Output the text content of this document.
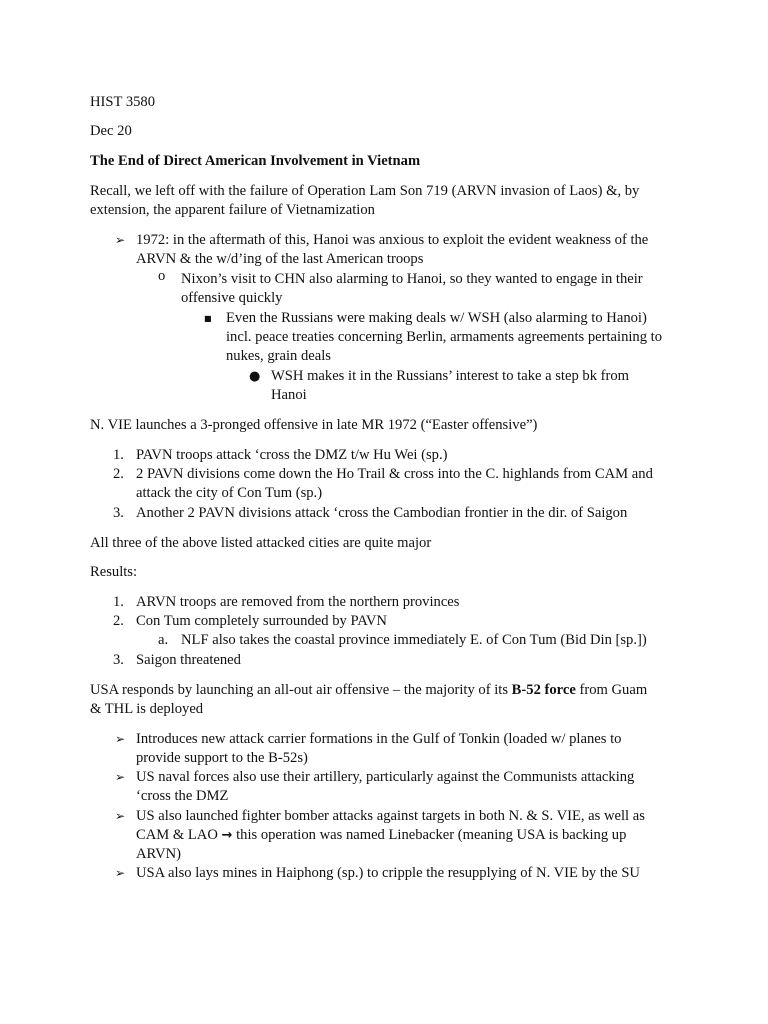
HIST 3580
Dec 20
The End of Direct American Involvement in Vietnam
Recall, we left off with the failure of Operation Lam Son 719 (ARVN invasion of Laos) &, by
extension, the apparent failure of Vietnamization
➢ 1972: in the aftermath of this, Hanoi was anxious to exploit the evident weakness of the
ARVN & the w/d’ing of the last American troops
o Nixon’s visit to CHN also alarming to Hanoi, so they wanted to engage in their
offensive quickly
■ Even the Russians were making deals w/ WSH (also alarming to Hanoi)
incl. peace treaties concerning Berlin, armaments agreements pertaining to
nukes, grain deals
● WSH makes it in the Russians’ interest to take a step bk from
Hanoi
N. VIE launches a 3-pronged offensive in late MR 1972 (“Easter offensive”)
1. PAVN troops attack ‘cross the DMZ t/w Hu Wei (sp.)
2. 2 PAVN divisions come down the Ho Trail & cross into the C. highlands from CAM and
attack the city of Con Tum (sp.)
3. Another 2 PAVN divisions attack ‘cross the Cambodian frontier in the dir. of Saigon
All three of the above listed attacked cities are quite major
Results:
1. ARVN troops are removed from the northern provinces
2. Con Tum completely surrounded by PAVN
a. NLF also takes the coastal province immediately E. of Con Tum (Bid Din [sp.])
3. Saigon threatened
USA responds by launching an all-out air offensive – the majority of its B-52 force from Guam
& THL is deployed
➢ Introduces new attack carrier formations in the Gulf of Tonkin (loaded w/ planes to
provide support to the B-52s)
➢ US naval forces also use their artillery, particularly against the Communists attacking
‘cross the DMZ
➢ US also launched fighter bomber attacks against targets in both N. & S. VIE, as well as
CAM & LAO → this operation was named Linebacker (meaning USA is backing up
ARVN)
➢ USA also lays mines in Haiphong (sp.) to cripple the resupplying of N. VIE by the SU
